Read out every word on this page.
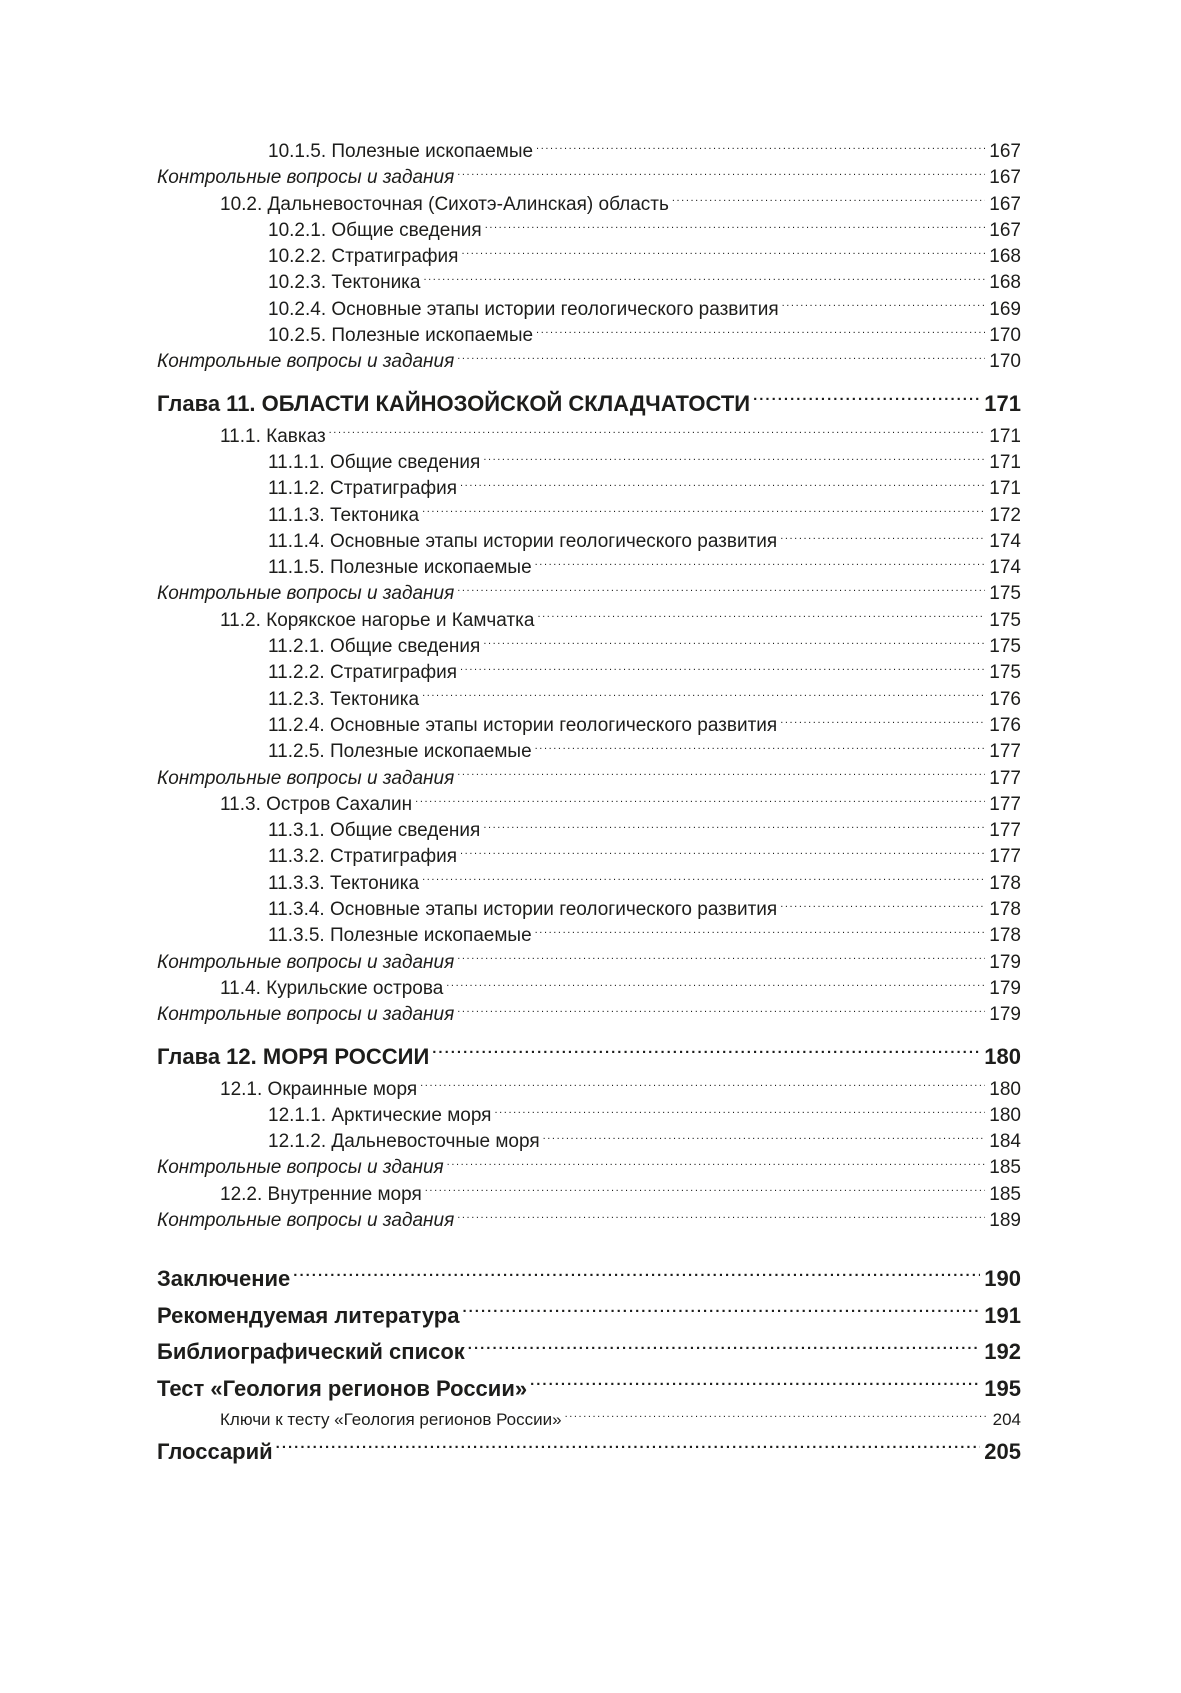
10.1.5. Полезные ископаемые .....	167
Контрольные вопросы и задания .....	167
10.2. Дальневосточная (Сихотэ-Алинская) область .....	167
10.2.1. Общие сведения .....	167
10.2.2. Стратиграфия .....	168
10.2.3. Тектоника .....	168
10.2.4. Основные этапы истории геологического развития .....	169
10.2.5. Полезные ископаемые .....	170
Контрольные вопросы и задания .....	170
Глава 11. ОБЛАСТИ КАЙНОЗОЙСКОЙ СКЛАДЧАТОСТИ .....	171
11.1. Кавказ .....	171
11.1.1. Общие сведения .....	171
11.1.2. Стратиграфия .....	171
11.1.3. Тектоника .....	172
11.1.4. Основные этапы истории геологического развития .....	174
11.1.5. Полезные ископаемые .....	174
Контрольные вопросы и задания .....	175
11.2. Корякское нагорье и Камчатка .....	175
11.2.1. Общие сведения .....	175
11.2.2. Стратиграфия .....	175
11.2.3. Тектоника .....	176
11.2.4. Основные этапы истории геологического развития .....	176
11.2.5. Полезные ископаемые .....	177
Контрольные вопросы и задания .....	177
11.3. Остров Сахалин .....	177
11.3.1. Общие сведения .....	177
11.3.2. Стратиграфия .....	177
11.3.3. Тектоника .....	178
11.3.4. Основные этапы истории геологического развития .....	178
11.3.5. Полезные ископаемые .....	178
Контрольные вопросы и задания .....	179
11.4. Курильские острова .....	179
Контрольные вопросы и задания .....	179
Глава 12. МОРЯ РОССИИ .....	180
12.1. Окраинные моря .....	180
12.1.1. Арктические моря .....	180
12.1.2. Дальневосточные моря .....	184
Контрольные вопросы и здания .....	185
12.2. Внутренние моря .....	185
Контрольные вопросы и задания .....	189
Заключение .....	190
Рекомендуемая литература .....	191
Библиографический список .....	192
Тест «Геология регионов России» .....	195
Ключи к тесту «Геология регионов России» .....	204
Глоссарий .....	205
